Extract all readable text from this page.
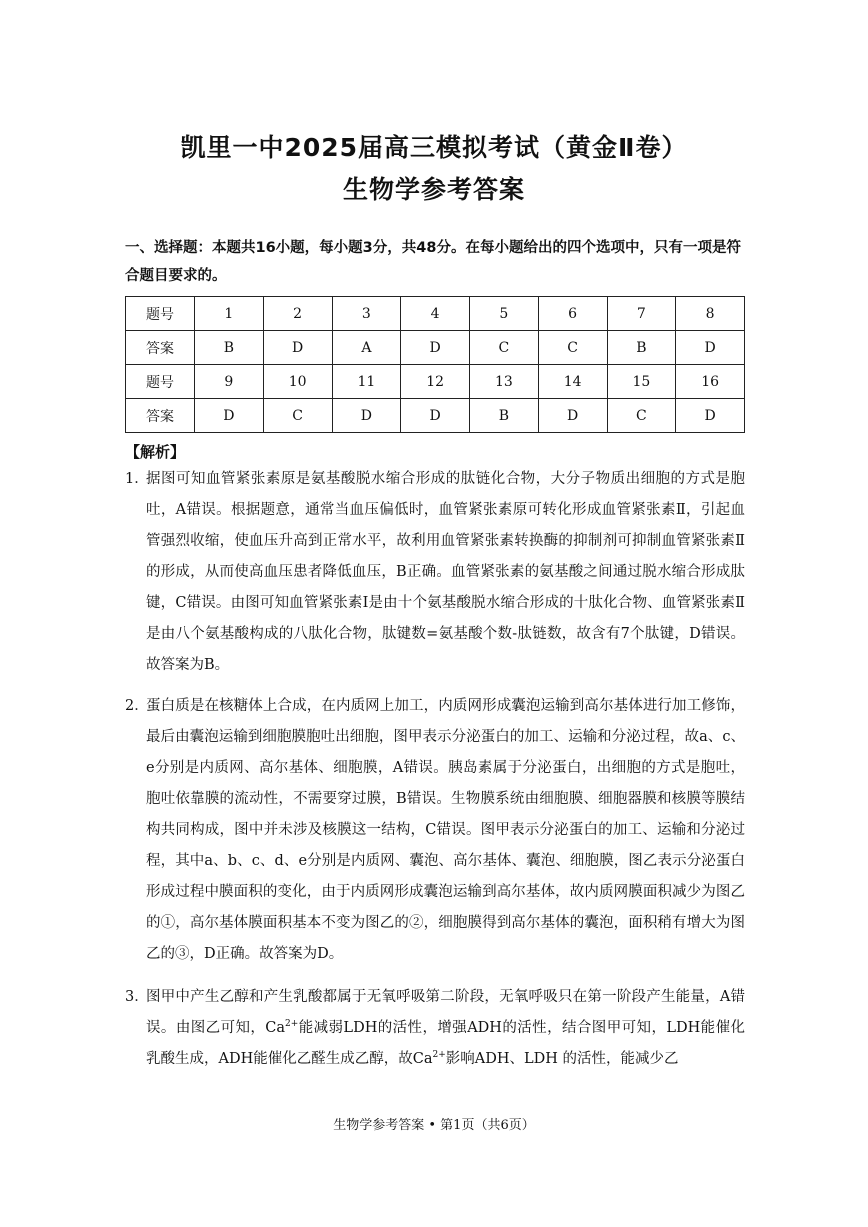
凯里一中2025届高三模拟考试（黄金Ⅱ卷）
生物学参考答案
一、选择题：本题共16小题，每小题3分，共48分。在每小题给出的四个选项中，只有一项是符合题目要求的。
题号	1	2	3	4	5	6	7	8
答案	B	D	A	D	C	C	B	D
题号	9	10	11	12	13	14	15	16
答案	D	C	D	D	B	D	C	D
【解析】
1．
据图可知血管紧张素原是氨基酸脱水缩合形成的肽链化合物，大分子物质出细胞的方式是胞吐，A错误。根据题意，通常当血压偏低时，血管紧张素原可转化形成血管紧张素Ⅱ，引起血管强烈收缩，使血压升高到正常水平，故利用血管紧张素转换酶的抑制剂可抑制血管紧张素Ⅱ的形成，从而使高血压患者降低血压，B正确。血管紧张素的氨基酸之间通过脱水缩合形成肽键，C错误。由图可知血管紧张素Ⅰ是由十个氨基酸脱水缩合形成的十肽化合物、血管紧张素Ⅱ是由八个氨基酸构成的八肽化合物，肽键数=氨基酸个数-肽链数，故含有7个肽键，D错误。故答案为B。
2．
蛋白质是在核糖体上合成，在内质网上加工，内质网形成囊泡运输到高尔基体进行加工修饰，最后由囊泡运输到细胞膜胞吐出细胞，图甲表示分泌蛋白的加工、运输和分泌过程，故a、c、e分别是内质网、高尔基体、细胞膜，A错误。胰岛素属于分泌蛋白，出细胞的方式是胞吐，胞吐依靠膜的流动性，不需要穿过膜，B错误。生物膜系统由细胞膜、细胞器膜和核膜等膜结构共同构成，图中并未涉及核膜这一结构，C错误。图甲表示分泌蛋白的加工、运输和分泌过程，其中a、b、c、d、e分别是内质网、囊泡、高尔基体、囊泡、细胞膜，图乙表示分泌蛋白形成过程中膜面积的变化，由于内质网形成囊泡运输到高尔基体，故内质网膜面积减少为图乙的①，高尔基体膜面积基本不变为图乙的②，细胞膜得到高尔基体的囊泡，面积稍有增大为图乙的③，D正确。故答案为D。
3．
图甲中产生乙醇和产生乳酸都属于无氧呼吸第二阶段，无氧呼吸只在第一阶段产生能量，A错误。由图乙可知，$Ca^{2+}$能减弱LDH的活性，增强ADH的活性，结合图甲可知，LDH能催化乳酸生成，ADH能催化乙醛生成乙醇，故$Ca^{2+}$影响ADH、LDH 的活性，能减少乙
生物学参考答案 • 第1页（共6页）
